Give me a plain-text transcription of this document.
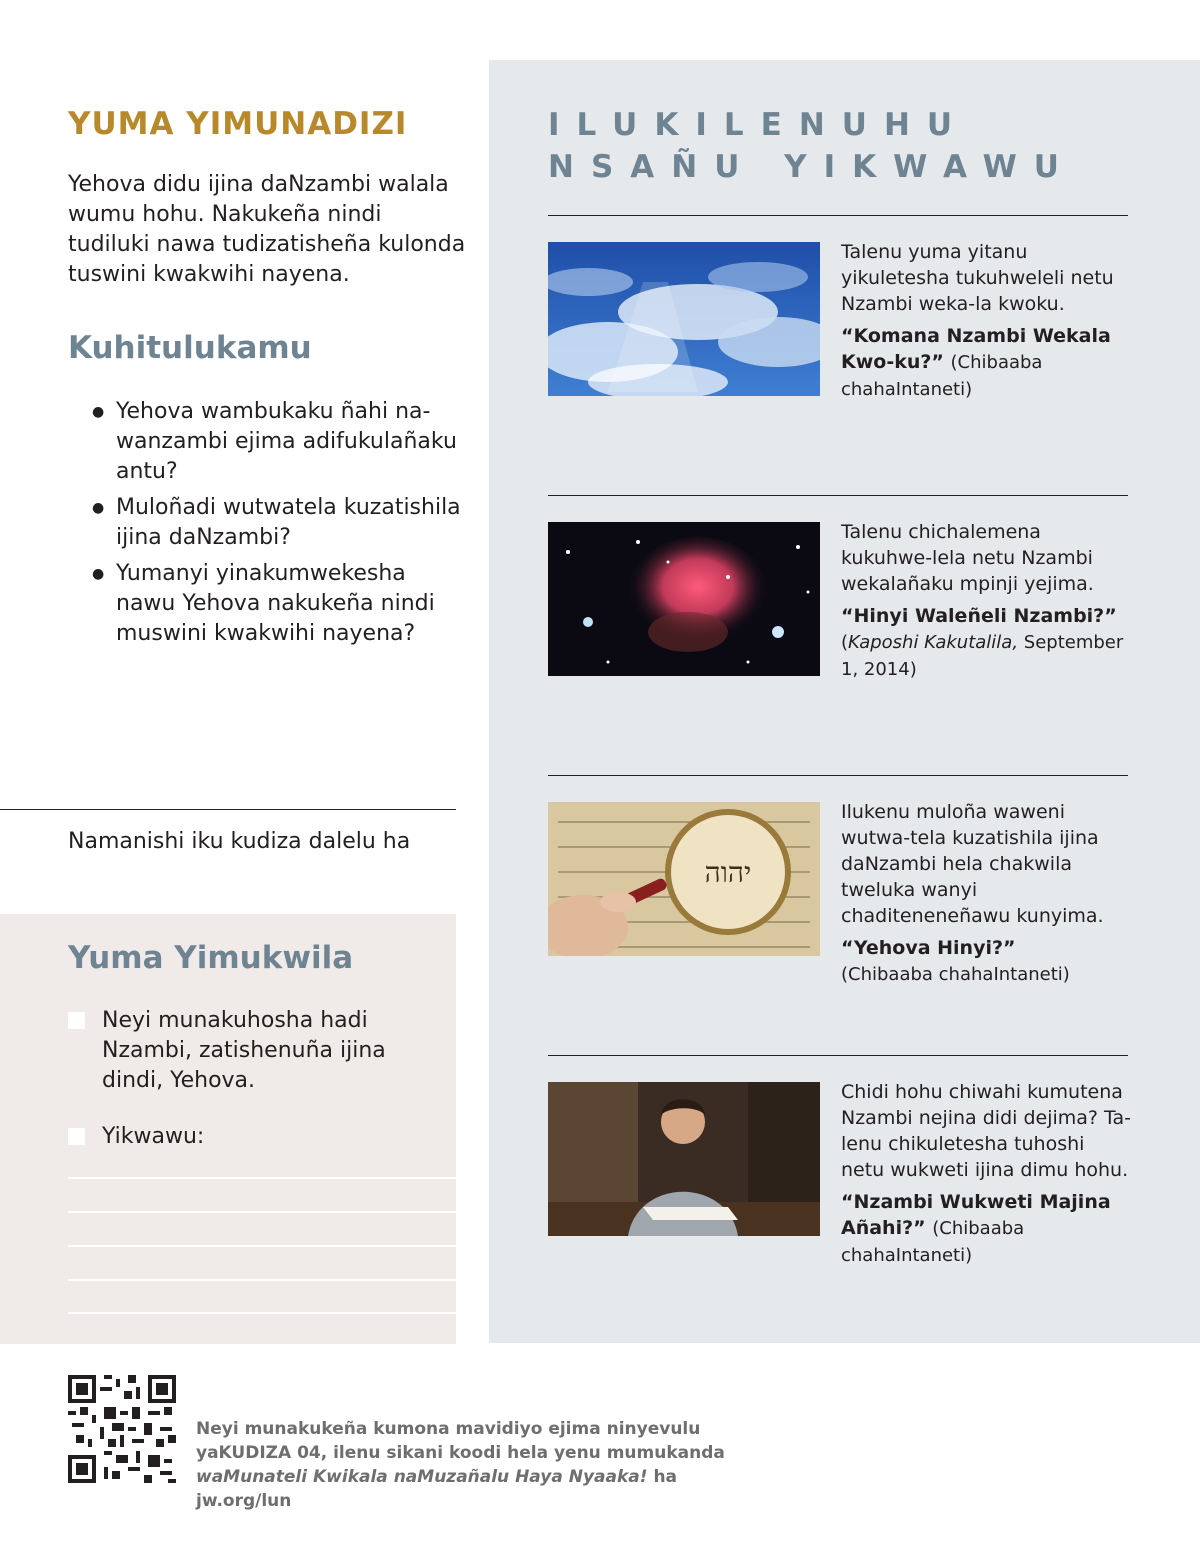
YUMA YIMUNADIZI

Yehova didu ijina daNzambi walala wumu hohu. Nakukeña nindi tudiluki nawa tudizatisheña kulonda tuswini kwakwihi nayena.

Kuhitulukamu
● Yehova wambukaku ñahi na-wanzambi ejima adifukulañaku antu?
● Muloñadi wutwatela kuzatishila ijina daNzambi?
● Yumanyi yinakumwekesha nawu Yehova nakukeña nindi muswini kwakwihi nayena?

Namanishi iku kudiza dalelu ha

Yuma Yimukwila
Neyi munakuhosha hadi Nzambi, zatishenuña ijina dindi, Yehova.
Yikwawu:
ILUKILENUHU NSAÑU YIKWAWU

Talenu yuma yitanu yikuletesha tukuhweleli netu Nzambi weka-la kwoku.

“Komana Nzambi Wekala Kwo-ku?” (Chibaaba chahaIntaneti)

Talenu chichalemena kukuhwe-lela netu Nzambi wekalañaku mpinji yejima.

“Hinyi Waleñeli Nzambi?”
(Kaposhi Kakutalila, September 1, 2014)

יהוה

Ilukenu muloña waweni wutwa-tela kuzatishila ijina daNzambi hela chakwila tweluka wanyi chaditeneneñawu kunyima.

“Yehova Hinyi?”
(Chibaaba chahaIntaneti)

Chidi hohu chiwahi kumutena Nzambi nejina didi dejima? Ta-lenu chikuletesha tuhoshi netu wukweti ijina dimu hohu.

“Nzambi Wukweti Majina Añahi?” (Chibaaba chahaIntaneti)

Neyi munakukeña kumona mavidiyo ejima ninyevulu yaKUDIZA 04, ilenu sikani koodi hela yenu mumukanda waMunateli Kwikala naMuzañalu Haya Nyaaka! ha jw.org/lun
